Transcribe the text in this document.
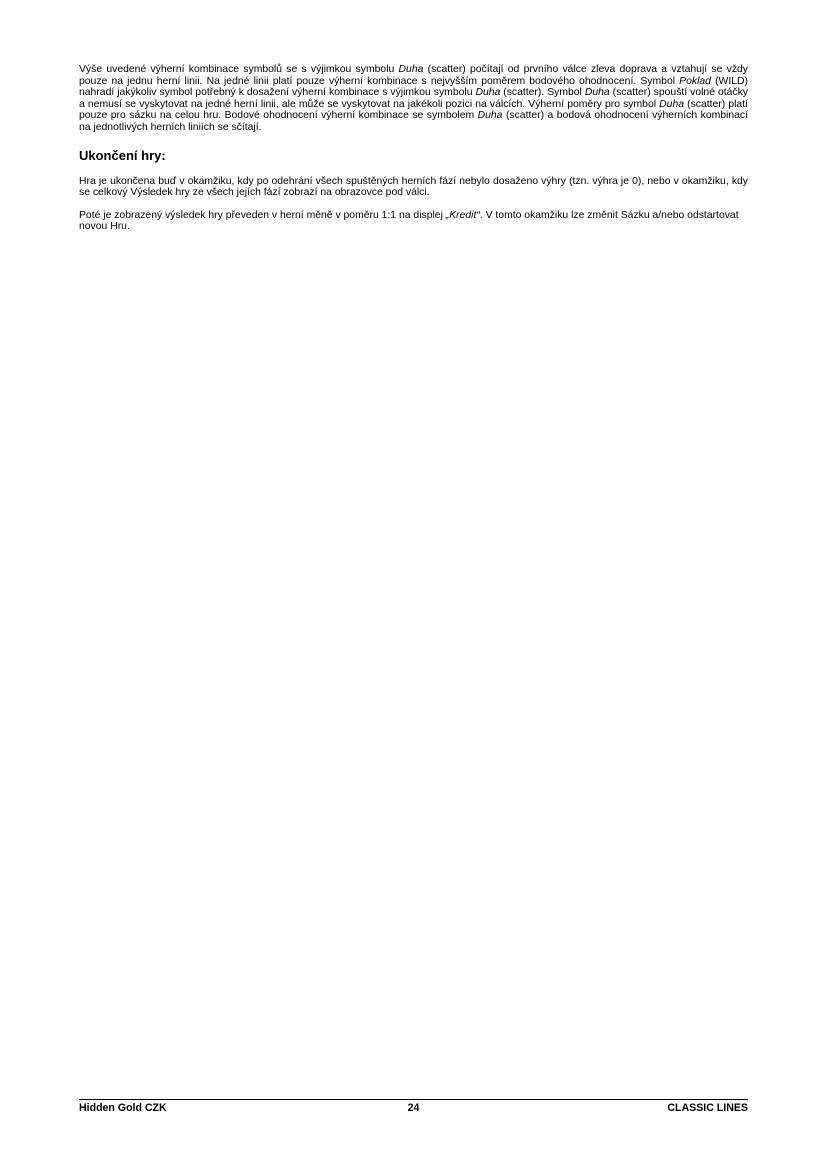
Výše uvedené výherní kombinace symbolů se s výjimkou symbolu Duha (scatter) počítají od prvního válce zleva doprava a vztahují se vždy pouze na jednu herní linii. Na jedné linii platí pouze výherní kombinace s nejvyšším poměrem bodového ohodnocení. Symbol Poklad (WILD) nahradí jakýkoliv symbol potřebný k dosažení výherní kombinace s výjimkou symbolu Duha (scatter). Symbol Duha (scatter) spouští volné otáčky a nemusí se vyskytovat na jedné herní linii, ale může se vyskytovat na jakékoli pozici na válcích. Výherní poměry pro symbol Duha (scatter) platí pouze pro sázku na celou hru. Bodové ohodnocení výherní kombinace se symbolem Duha (scatter) a bodová ohodnocení výherních kombinací na jednotlivých herních liniích se sčítají.

Ukončení hry:

Hra je ukončena buď v okamžiku, kdy po odehrání všech spuštěných herních fází nebylo dosaženo výhry (tzn. výhra je 0), nebo v okamžiku, kdy se celkový Výsledek hry ze všech jejích fází zobrazí na obrazovce pod válci.

Poté je zobrazený výsledek hry převeden v herní měně v poměru 1:1 na displej „Kredit“. V tomto okamžiku lze změnit Sázku a/nebo odstartovat novou Hru.

24
Hidden Gold CZK	CLASSIC LINES
